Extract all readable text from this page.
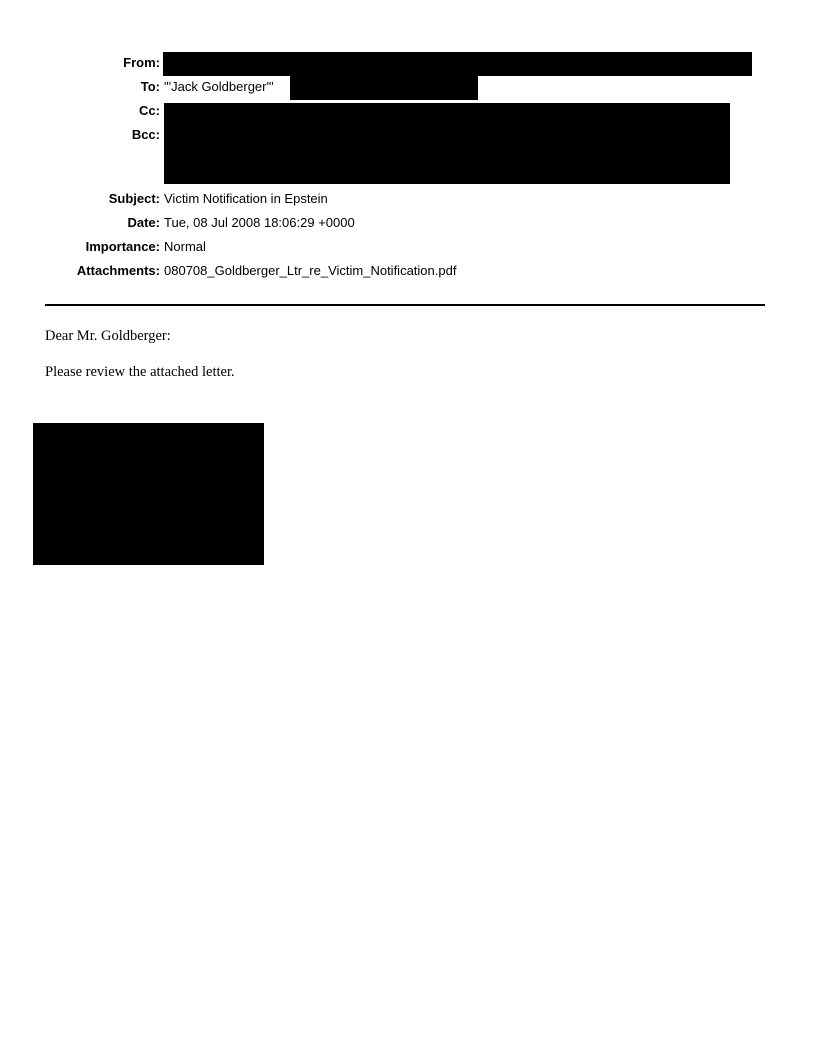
From:
To: "'Jack Goldberger'"
Cc:
Bcc:
Subject: Victim Notification in Epstein
Date: Tue, 08 Jul 2008 18:06:29 +0000
Importance: Normal
Attachments: 080708_Goldberger_Ltr_re_Victim_Notification.pdf
Dear Mr. Goldberger:
Please review the attached letter.
